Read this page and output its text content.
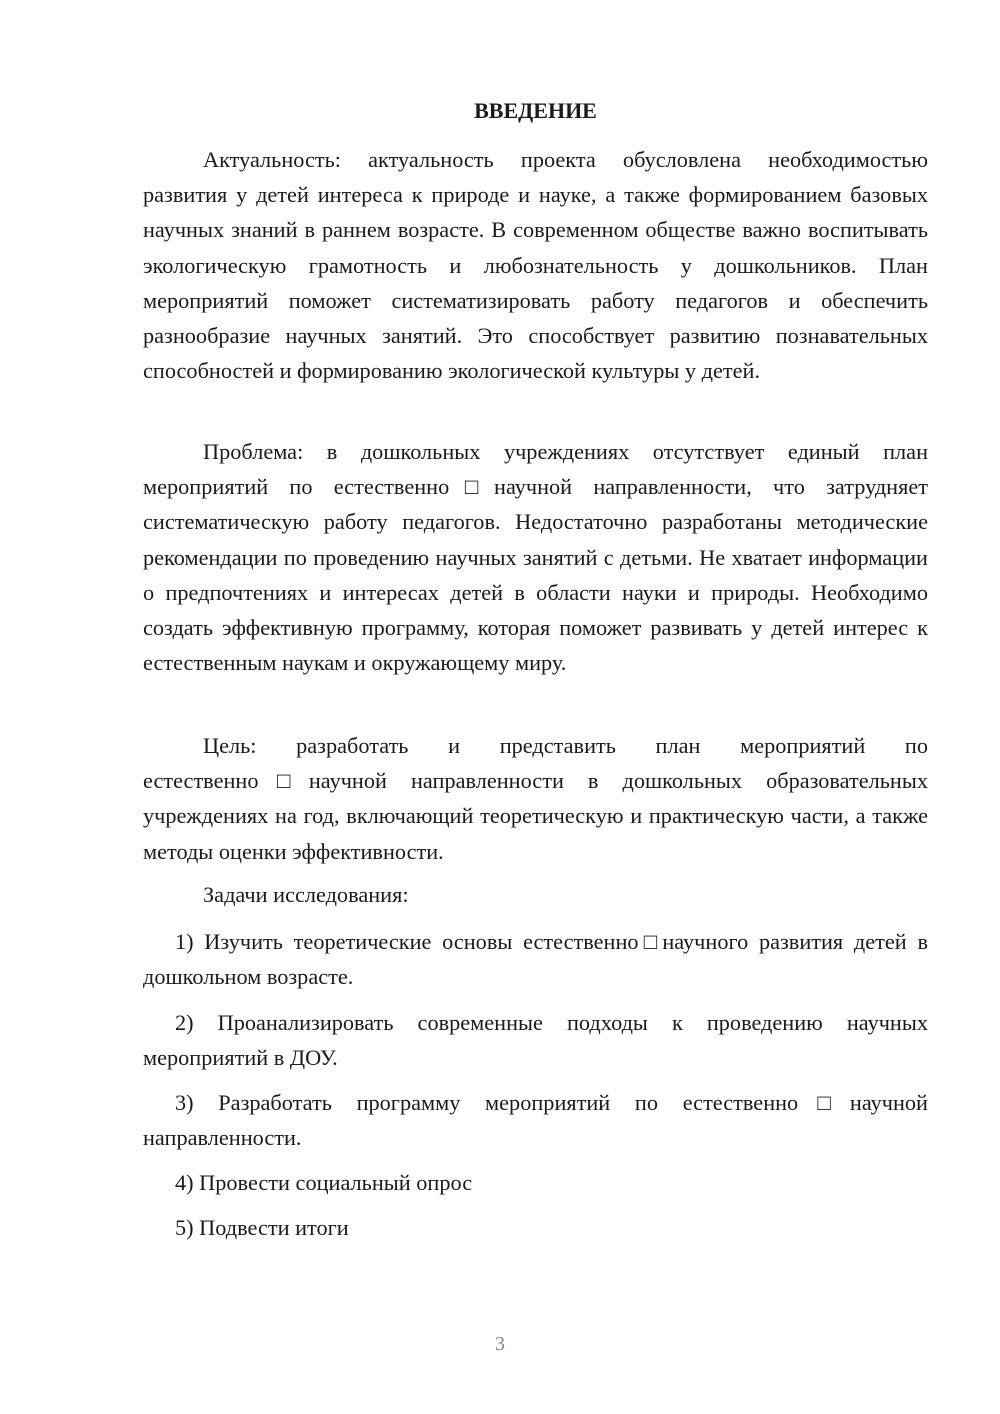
ВВЕДЕНИЕ

Актуальность: актуальность проекта обусловлена необходимостью развития у детей интереса к природе и науке, а также формированием базовых научных знаний в раннем возрасте. В современном обществе важно воспитывать экологическую грамотность и любознательность у дошкольников. План мероприятий поможет систематизировать работу педагогов и обеспечить разнообразие научных занятий. Это способствует развитию познавательных способностей и формированию экологической культуры у детей.

Проблема: в дошкольных учреждениях отсутствует единый план мероприятий по естественно□научной направленности, что затрудняет систематическую работу педагогов. Недостаточно разработаны методические рекомендации по проведению научных занятий с детьми. Не хватает информации о предпочтениях и интересах детей в области науки и природы. Необходимо создать эффективную программу, которая поможет развивать у детей интерес к естественным наукам и окружающему миру.

Цель: разработать и представить план мероприятий по естественно□научной направленности в дошкольных образовательных учреждениях на год, включающий теоретическую и практическую части, а также методы оценки эффективности.

Задачи исследования:

1) Изучить теоретические основы естественно□научного развития детей в дошкольном возрасте.

2) Проанализировать современные подходы к проведению научных мероприятий в ДОУ.

3) Разработать программу мероприятий по естественно□научной направленности.

4) Провести социальный опрос

5) Подвести итоги

3
